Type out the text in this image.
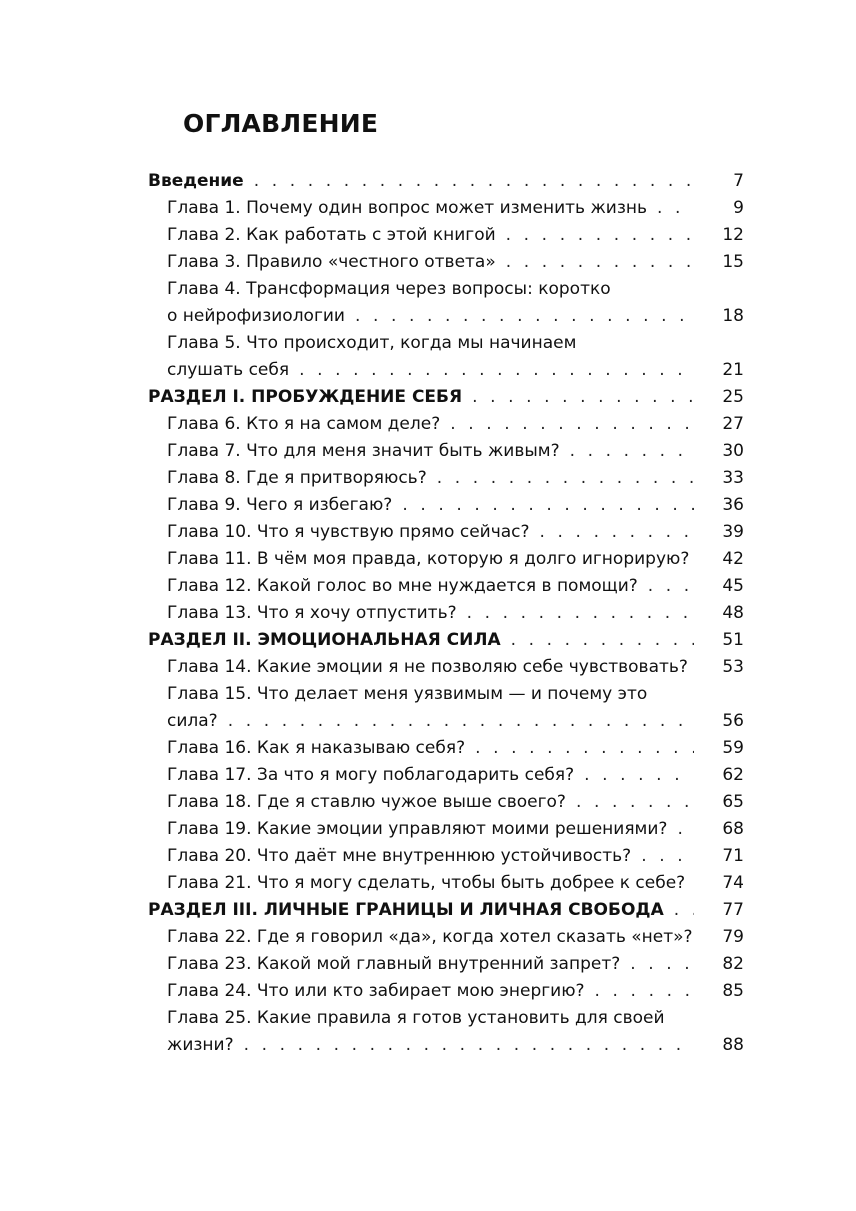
ОГЛАВЛЕНИЕ
Введение . . .	7
Глава 1. Почему один вопрос может изменить жизнь . . .	9
Глава 2. Как работать с этой книгой . . .	12
Глава 3. Правило «честного ответа» . . .	15
Глава 4. Трансформация через вопросы: коротко
о нейрофизиологии . . .	18
Глава 5. Что происходит, когда мы начинаем
слушать себя . . .	21
РАЗДЕЛ I. ПРОБУЖДЕНИЕ СЕБЯ . . .	25
Глава 6. Кто я на самом деле? . . .	27
Глава 7. Что для меня значит быть живым? . . .	30
Глава 8. Где я притворяюсь? . . .	33
Глава 9. Чего я избегаю? . . .	36
Глава 10. Что я чувствую прямо сейчас? . . .	39
Глава 11. В чём моя правда, которую я долго игнорирую?	42
Глава 12. Какой голос во мне нуждается в помощи? . . .	45
Глава 13. Что я хочу отпустить? . . .	48
РАЗДЕЛ II. ЭМОЦИОНАЛЬНАЯ СИЛА . . .	51
Глава 14. Какие эмоции я не позволяю себе чувствовать?	53
Глава 15. Что делает меня уязвимым — и почему это
сила? . . .	56
Глава 16. Как я наказываю себя? . . .	59
Глава 17. За что я могу поблагодарить себя? . . .	62
Глава 18. Где я ставлю чужое выше своего? . . .	65
Глава 19. Какие эмоции управляют моими решениями? . . .	68
Глава 20. Что даёт мне внутреннюю устойчивость? . . .	71
Глава 21. Что я могу сделать, чтобы быть добрее к себе?	74
РАЗДЕЛ III. ЛИЧНЫЕ ГРАНИЦЫ И ЛИЧНАЯ СВОБОДА . . .	77
Глава 22. Где я говорил «да», когда хотел сказать «нет»?	79
Глава 23. Какой мой главный внутренний запрет? . . .	82
Глава 24. Что или кто забирает мою энергию? . . .	85
Глава 25. Какие правила я готов установить для своей
жизни? . . .	88
